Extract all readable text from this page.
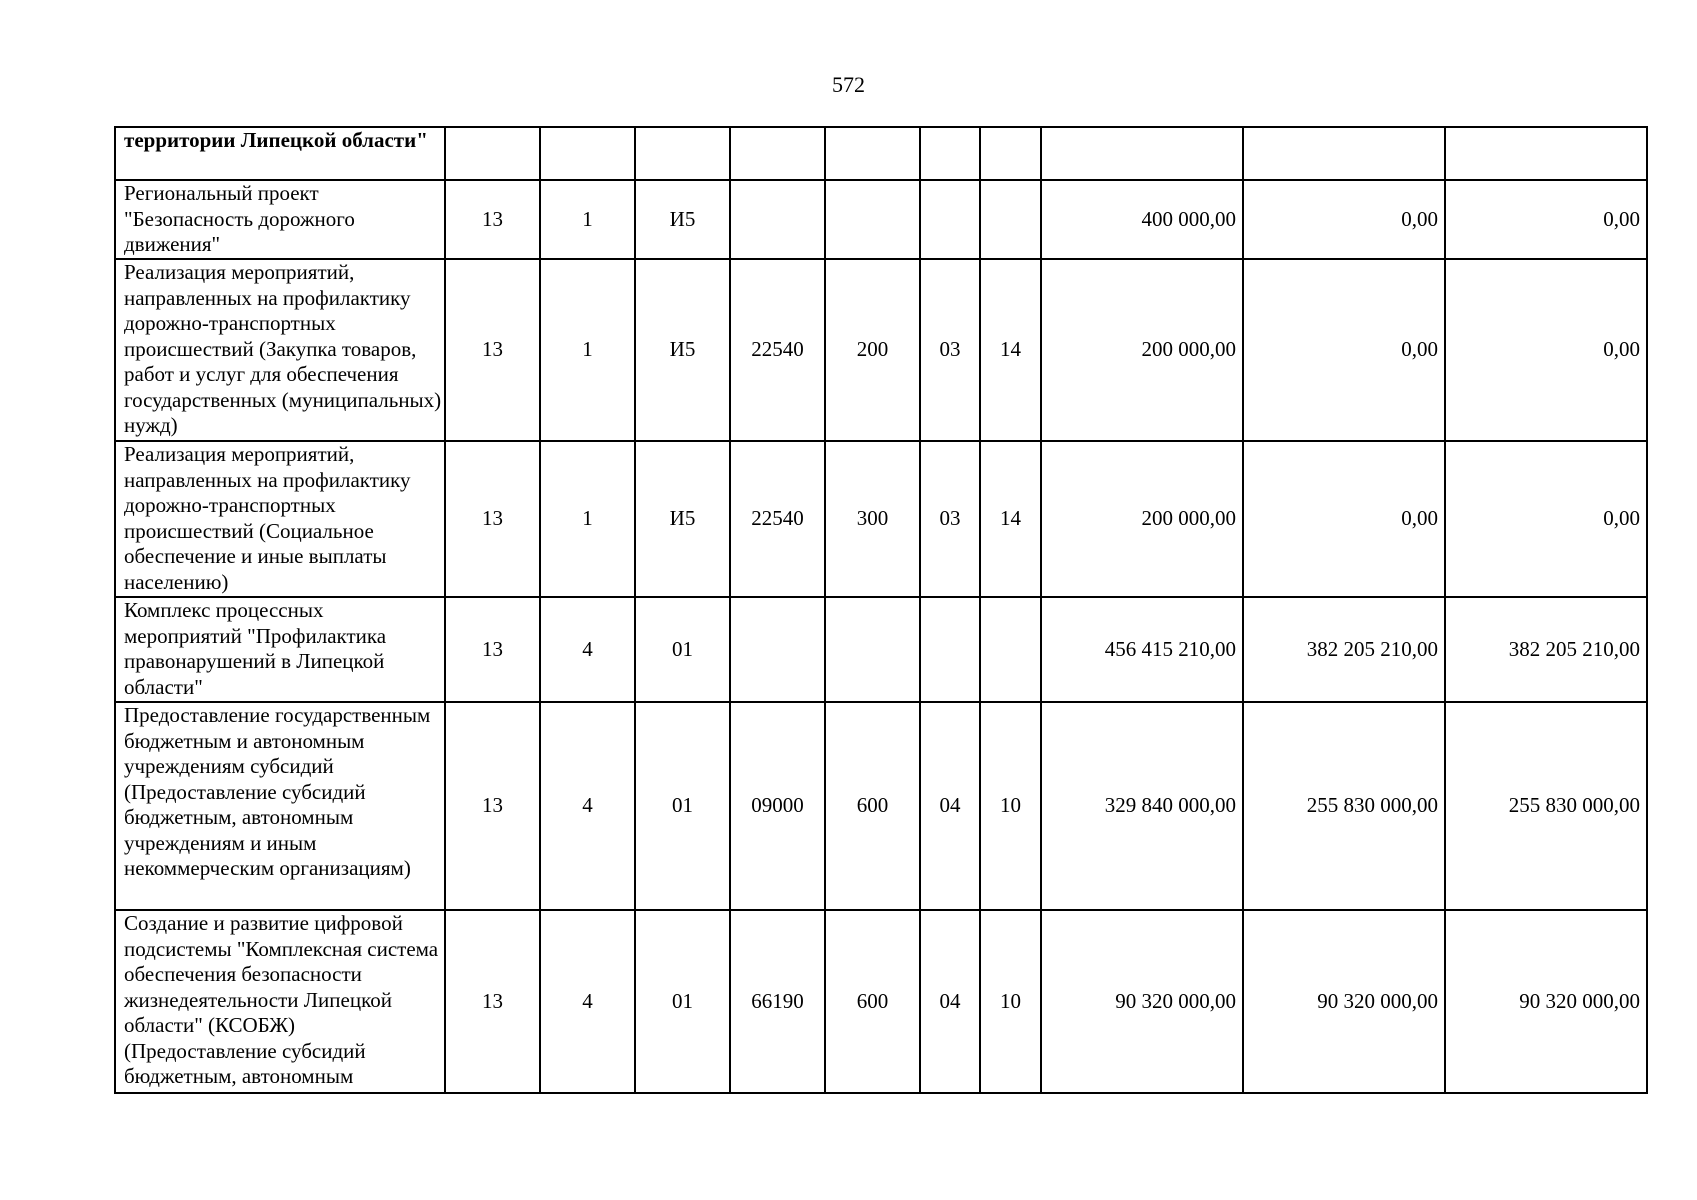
572
территории Липецкой области"										
Региональный проект "Безопасность дорожного движения"	13	1	И5					400 000,00	0,00	0,00
Реализация мероприятий, направленных на профилактику дорожно-транспортных происшествий (Закупка товаров, работ и услуг для обеспечения государственных (муниципальных) нужд)	13	1	И5	22540	200	03	14	200 000,00	0,00	0,00
Реализация мероприятий, направленных на профилактику дорожно-транспортных происшествий (Социальное обеспечение и иные выплаты населению)	13	1	И5	22540	300	03	14	200 000,00	0,00	0,00
Комплекс процессных мероприятий "Профилактика правонарушений в Липецкой области"	13	4	01					456 415 210,00	382 205 210,00	382 205 210,00
Предоставление государственным бюджетным и автономным учреждениям субсидий (Предоставление субсидий бюджетным, автономным учреждениям и иным некоммерческим организациям)	13	4	01	09000	600	04	10	329 840 000,00	255 830 000,00	255 830 000,00
Создание и развитие цифровой подсистемы "Комплексная система обеспечения безопасности жизнедеятельности Липецкой области" (КСОБЖ) (Предоставление субсидий бюджетным, автономным	13	4	01	66190	600	04	10	90 320 000,00	90 320 000,00	90 320 000,00
